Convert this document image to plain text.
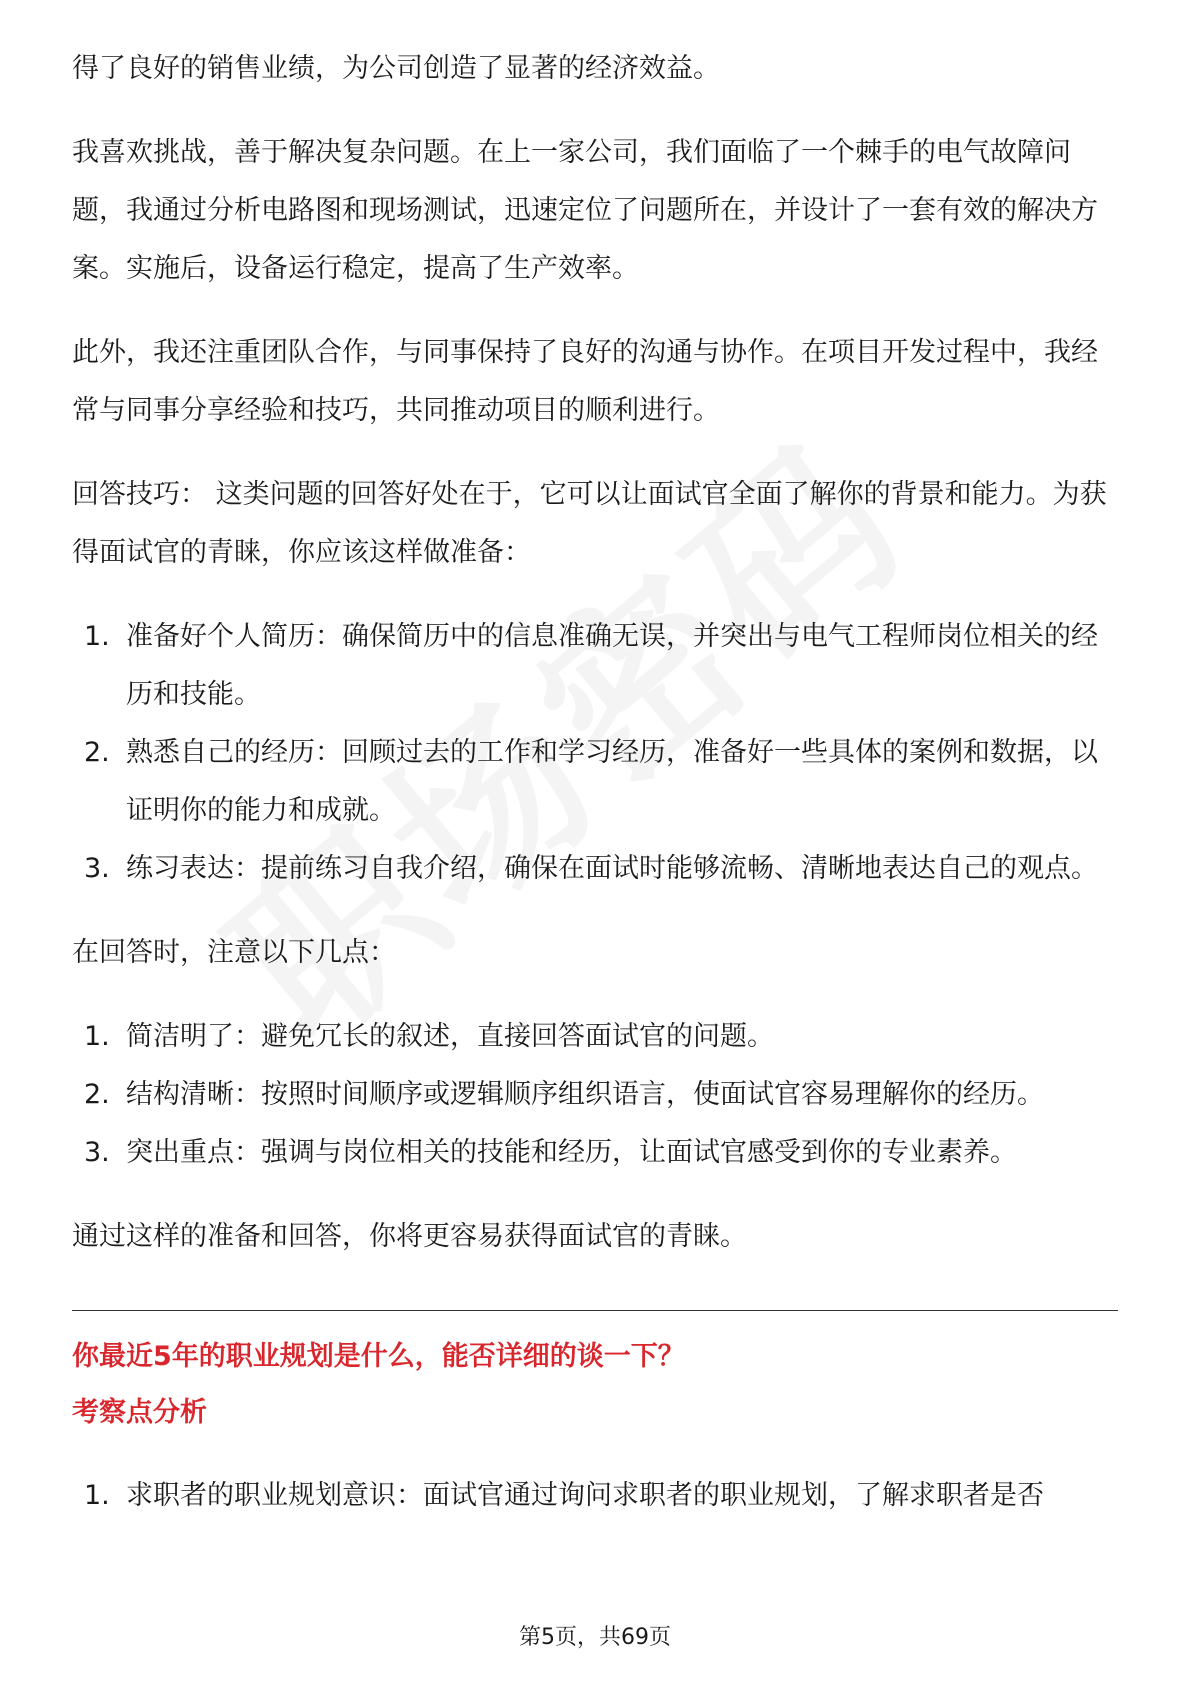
得了良好的销售业绩，为公司创造了显著的经济效益。

我喜欢挑战，善于解决复杂问题。在上一家公司，我们面临了一个棘手的电气故障问题，我通过分析电路图和现场测试，迅速定位了问题所在，并设计了一套有效的解决方案。实施后，设备运行稳定，提高了生产效率。

此外，我还注重团队合作，与同事保持了良好的沟通与协作。在项目开发过程中，我经常与同事分享经验和技巧，共同推动项目的顺利进行。

回答技巧： 这类问题的回答好处在于，它可以让面试官全面了解你的背景和能力。为获得面试官的青睐，你应该这样做准备：

1. 准备好个人简历：确保简历中的信息准确无误，并突出与电气工程师岗位相关的经历和技能。
2. 熟悉自己的经历：回顾过去的工作和学习经历，准备好一些具体的案例和数据，以证明你的能力和成就。
3. 练习表达：提前练习自我介绍，确保在面试时能够流畅、清晰地表达自己的观点。

在回答时，注意以下几点：

1. 简洁明了：避免冗长的叙述，直接回答面试官的问题。
2. 结构清晰：按照时间顺序或逻辑顺序组织语言，使面试官容易理解你的经历。
3. 突出重点：强调与岗位相关的技能和经历，让面试官感受到你的专业素养。

通过这样的准备和回答，你将更容易获得面试官的青睐。

你最近5年的职业规划是什么，能否详细的谈一下？

考察点分析

1. 求职者的职业规划意识：面试官通过询问求职者的职业规划，了解求职者是否
第5页，共69页
